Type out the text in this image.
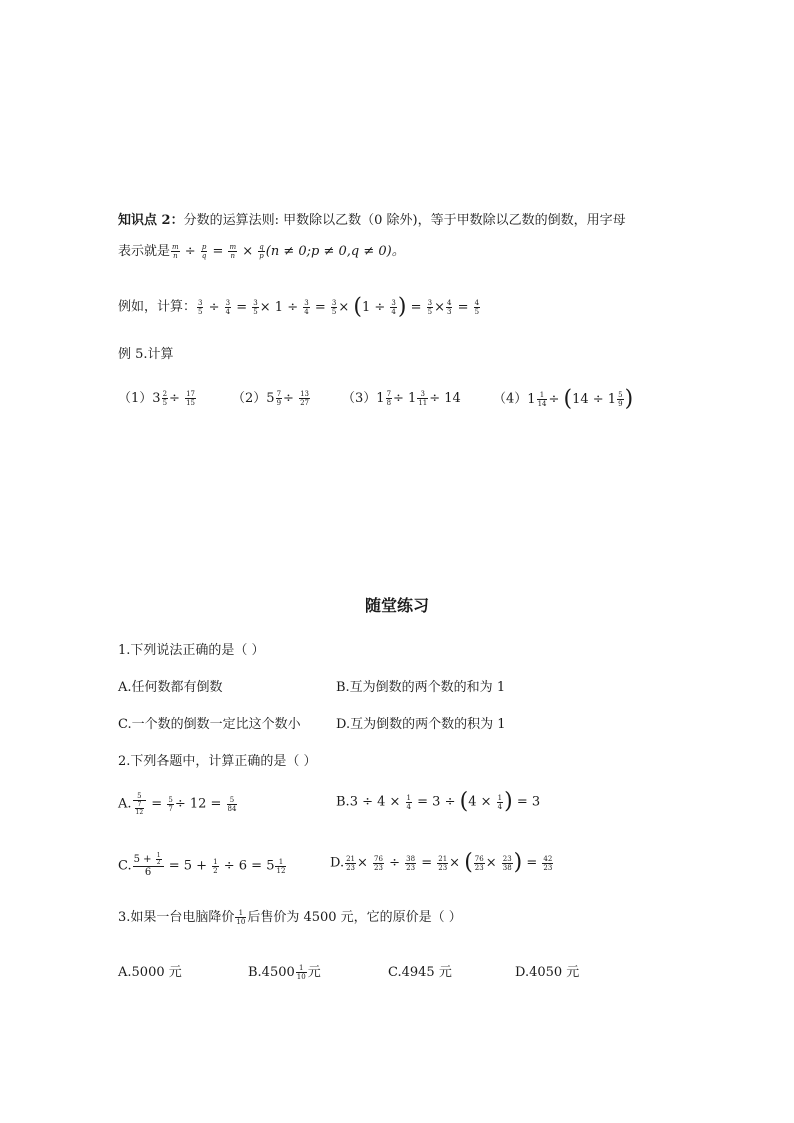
知识点 2：分数的运算法则: 甲数除以乙数（0 除外)，等于甲数除以乙数的倒数，用字母
表示就是 $\frac{m}{n} \div \frac{p}{q} = \frac{m}{n} \times \frac{q}{p} (n$ ≠ 0;p ≠ 0,q ≠ 0)。
例如，计算： $\frac{3}{5} \div \frac{3}{4} = \frac{3}{5} \times 1 \div \frac{3}{4} = \frac{3}{5} \times (1 \div \frac{3}{4}$ ) = $\frac{3}{5} \times \frac{4}{3} = \frac{4}{5}$
例 5.计算
$(1)3 \frac{2}{5} \div \frac{17}{15}$	$(2)5 \frac{7}{9} \div \frac{13}{27} (3)1 \frac{7}{8} \div 1 \frac{3}{11} \div 14$ $(4)1 \frac{1}{14} \div (14 \div 1 \frac{5}{9}$ )
随堂练习
1.下列说法正确的是（ ）
A.任何数都有倒数	B.互为倒数的两个数的和为 1
C.一个数的倒数一定比这个数小	D.互为倒数的两个数的积为 1
2.下列各题中，计算正确的是（ ）
A. $\frac{5}{\frac{7}{12}} = \frac{5}{7} \div 12 = \frac{5}{84}$	$B.3 \div 4 \times \frac{1}{4} = 3 \div (4 \times \frac{1}{4}$ ) = 3
C. $\frac{5 + \frac{1}{2}}{6} = 5 + \frac{1}{2} \div 6 = 5 \frac{1}{12}$	D. $\frac{21}{23} \times \frac{76}{23} \div \frac{38}{23} = \frac{21}{23}$ × ( $\frac{76}{23} \times \frac{23}{38}$ ) = $\frac{42}{23}$
3.如果一台电脑降价 $\frac{1}{10}$ 后售价为 4500 元，它的原价是（ ）
A.5000 元	$B.4500 \frac{1}{10}$ 元	C.4945 元	D.4050 元
